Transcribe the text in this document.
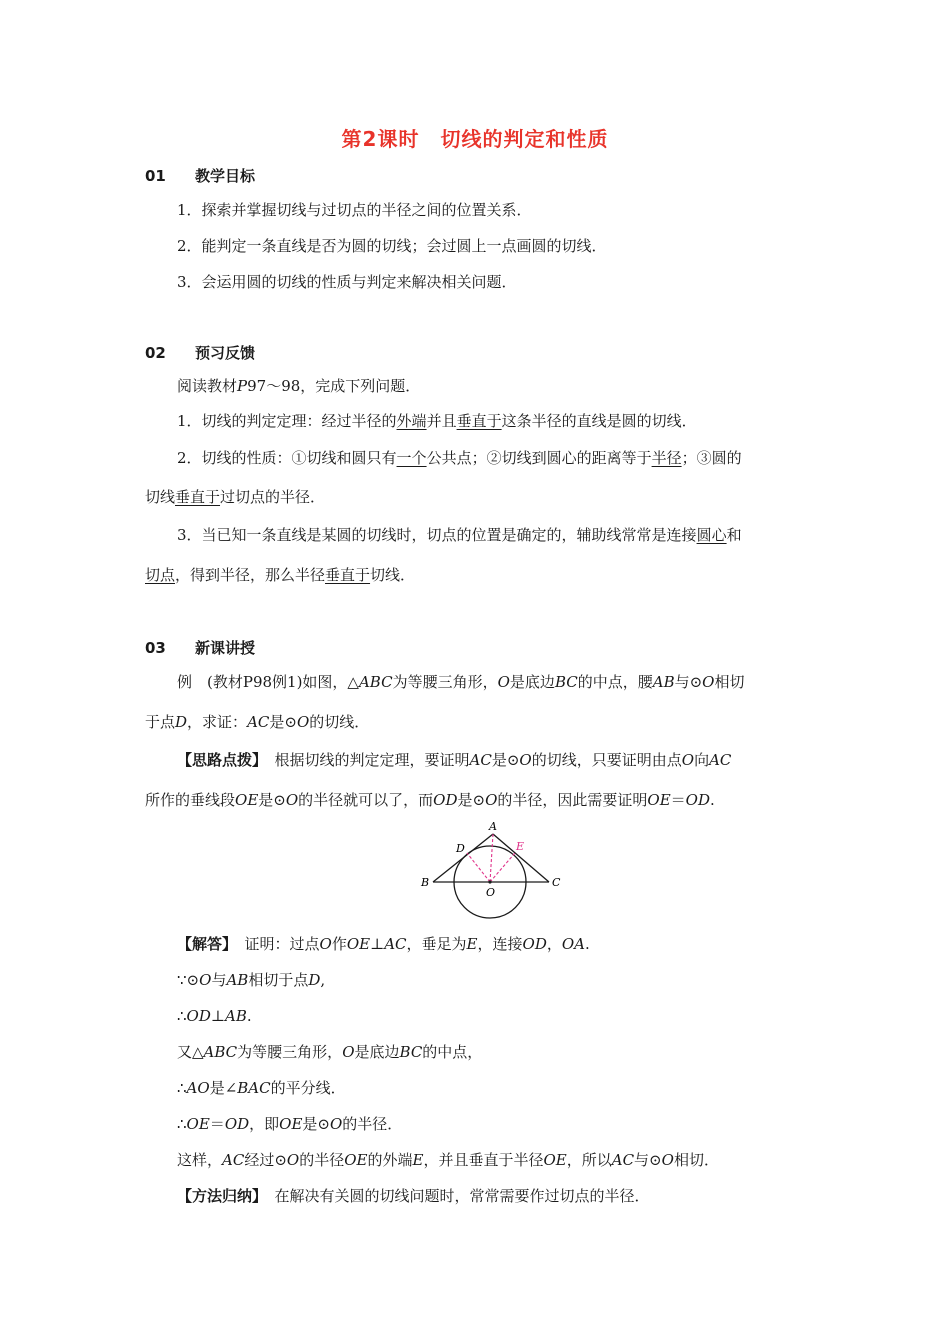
第2课时　切线的判定和性质
01 教学目标
1．探索并掌握切线与过切点的半径之间的位置关系．
2．能判定一条直线是否为圆的切线；会过圆上一点画圆的切线．
3．会运用圆的切线的性质与判定来解决相关问题．
02 预习反馈
阅读教材P97～98，完成下列问题．
1．切线的判定定理：经过半径的外端并且垂直于这条半径的直线是圆的切线．
2．切线的性质：①切线和圆只有一个公共点；②切线到圆心的距离等于半径；③圆的
切线垂直于过切点的半径．
3．当已知一条直线是某圆的切线时，切点的位置是确定的，辅助线常常是连接圆心和
切点，得到半径，那么半径垂直于切线．
03 新课讲授
例　(教材P98例1)如图，△ABC为等腰三角形，O是底边BC的中点，腰AB与⊙O相切
于点D，求证：AC是⊙O的切线．
【思路点拨】　根据切线的判定定理，要证明AC是⊙O的切线，只要证明由点O向AC
所作的垂线段OE是⊙O的半径就可以了，而OD是⊙O的半径，因此需要证明OE＝OD.
A
B	C
D	E
O
【解答】　证明：过点O作OE⊥AC，垂足为E，连接OD，OA.
∵⊙O与AB相切于点D,
∴OD⊥AB.
又△ABC为等腰三角形，O是底边BC的中点，
∴AO是∠BAC的平分线．
∴OE＝OD，即OE是⊙O的半径．
这样，AC经过⊙O的半径OE的外端E，并且垂直于半径OE，所以AC与⊙O相切．
【方法归纳】　在解决有关圆的切线问题时，常常需要作过切点的半径．
